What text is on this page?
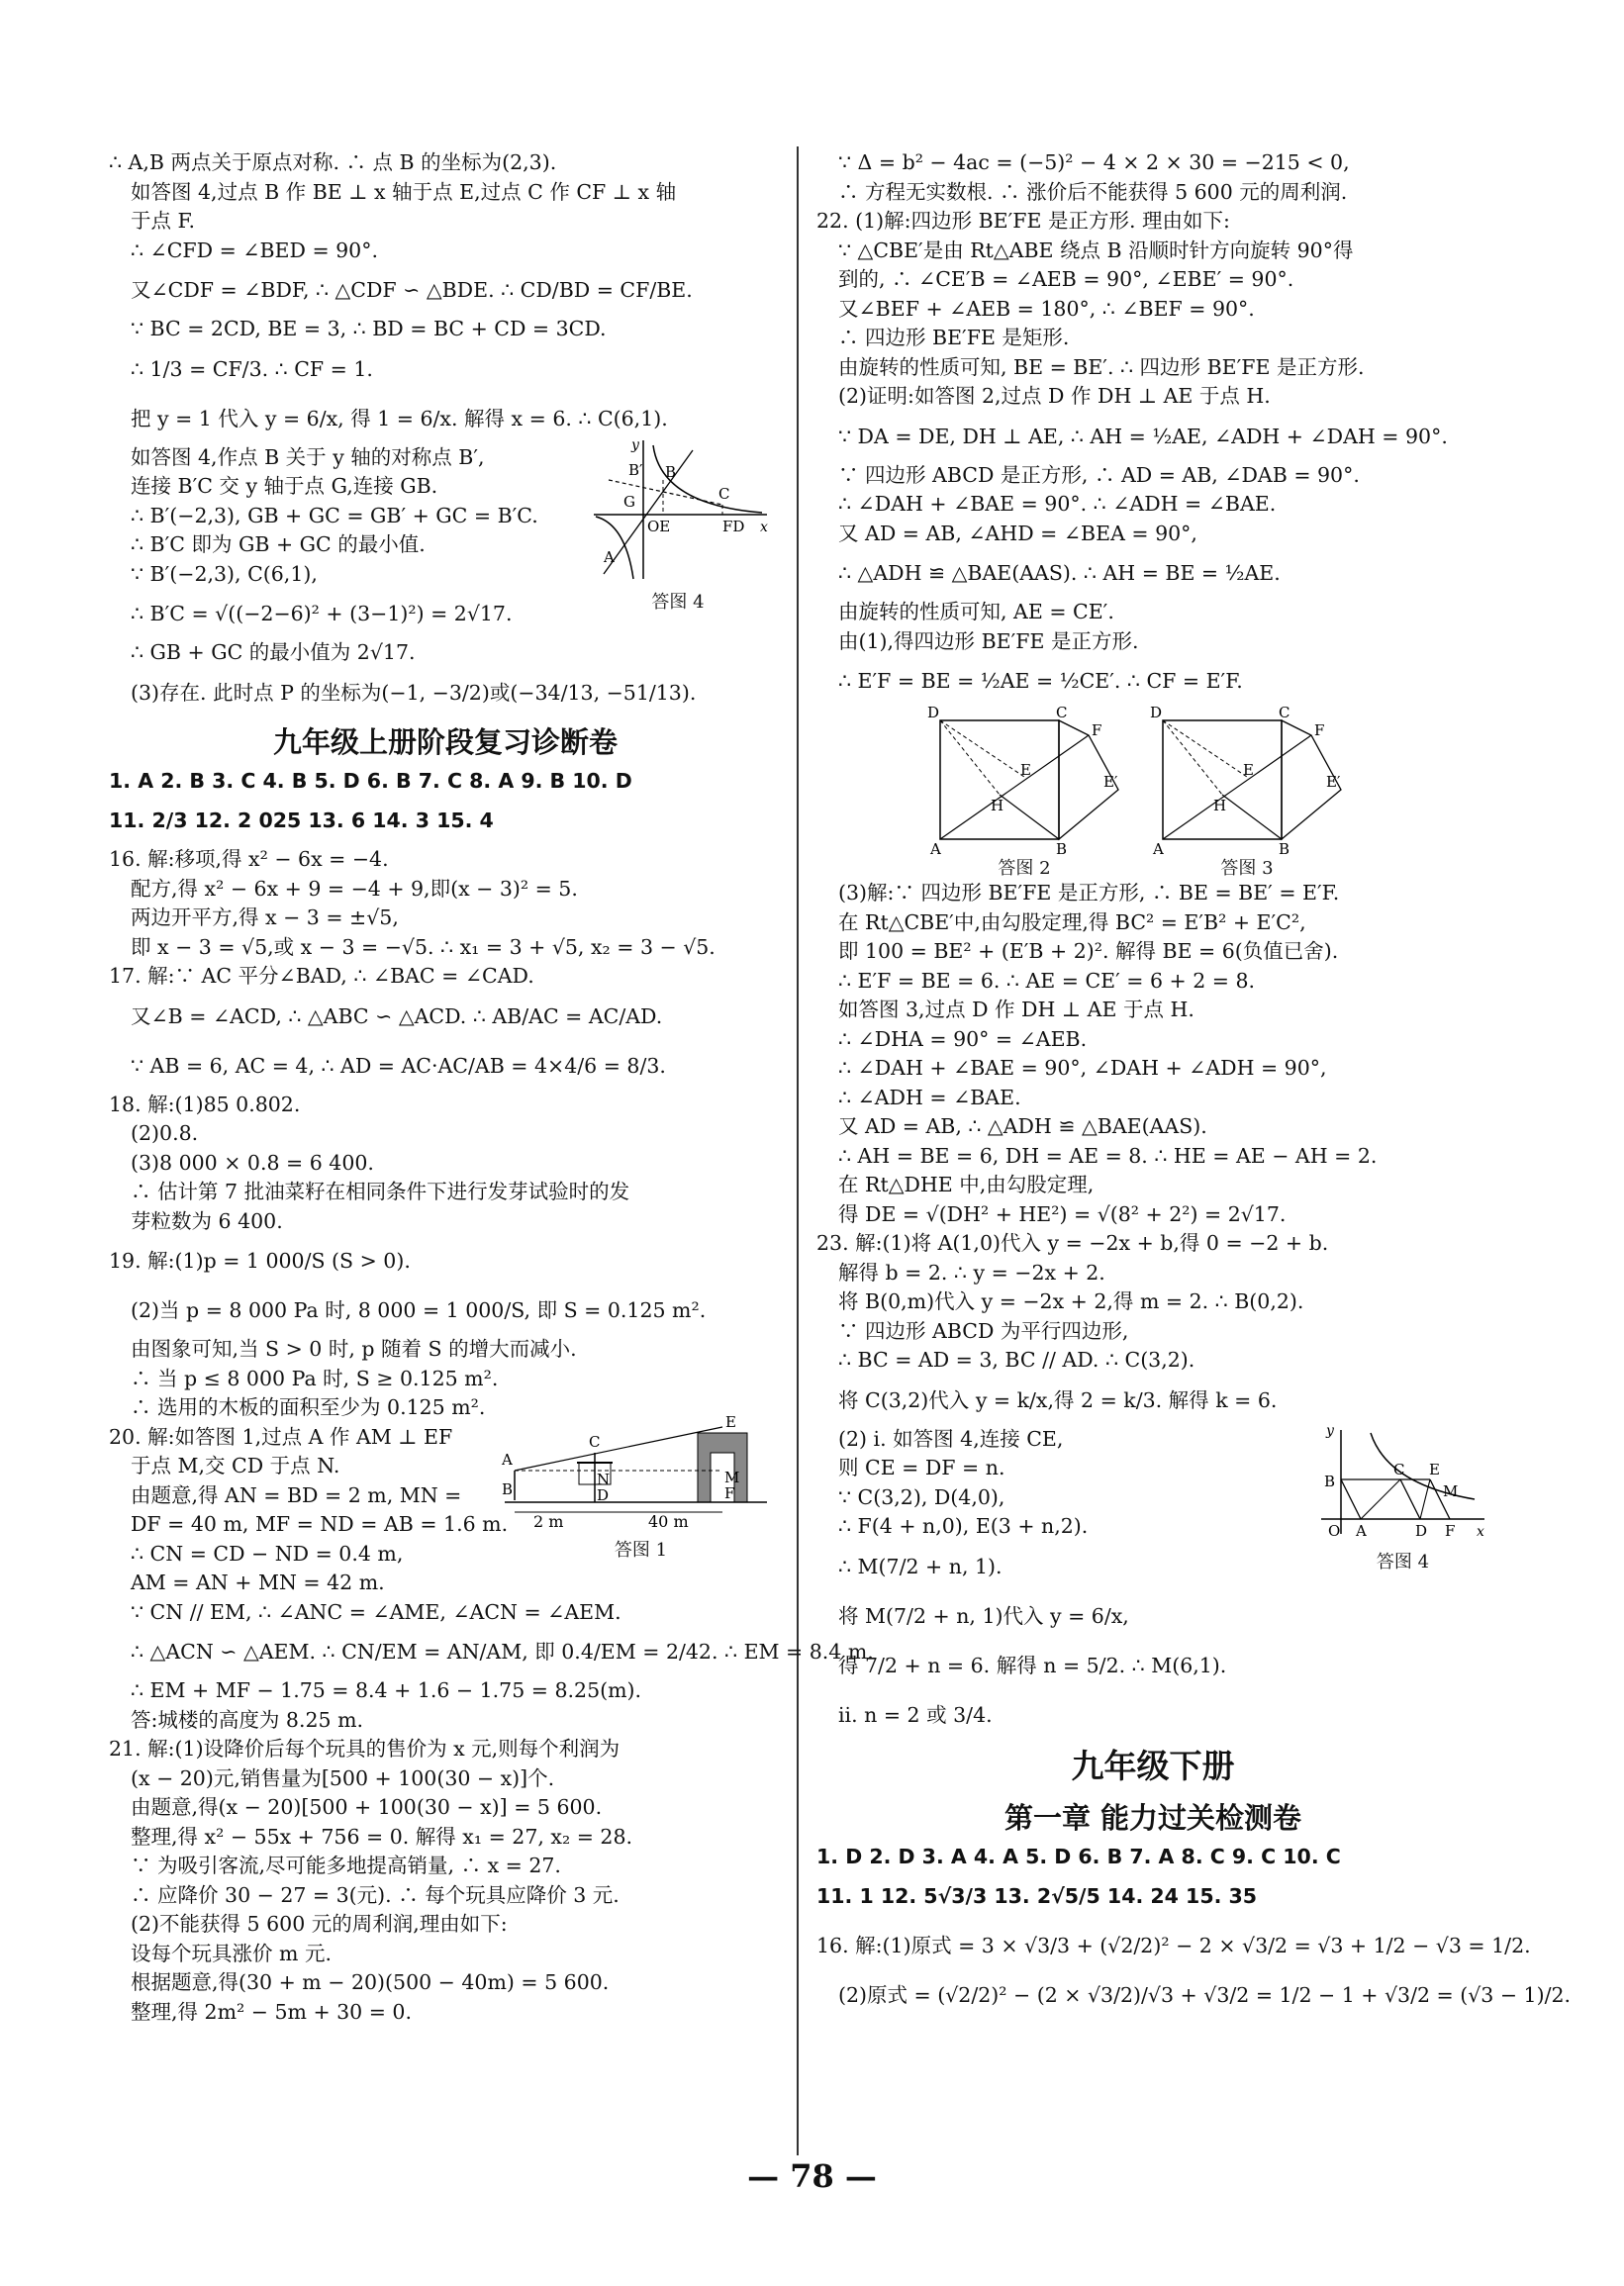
∴ A,B 两点关于原点对称. ∴ 点 B 的坐标为(2,3).
如答图 4,过点 B 作 BE ⊥ x 轴于点 E,过点 C 作 CF ⊥ x 轴
于点 F.
∴ ∠CFD = ∠BED = 90°.
又∠CDF = ∠BDF, ∴ △CDF ∽ △BDE. ∴ CD/BD = CF/BE.
∵ BC = 2CD, BE = 3, ∴ BD = BC + CD = 3CD.
∴ 1/3 = CF/3. ∴ CF = 1.
把 y = 1 代入 y = 6/x, 得 1 = 6/x. 解得 x = 6. ∴ C(6,1).
如答图 4,作点 B 关于 y 轴的对称点 B′,
连接 B′C 交 y 轴于点 G,连接 GB.
∴ B′(−2,3), GB + GC = GB′ + GC = B′C.
∴ B′C 即为 GB + GC 的最小值.
∵ B′(−2,3), C(6,1),
∴ B′C = √((−2−6)² + (3−1)²) = 2√17.
∴ GB + GC 的最小值为 2√17.
B′ B
C
G
OE	FD x
y
A
答图 4
(3)存在. 此时点 P 的坐标为(−1, −3/2)或(−34/13, −51/13).
九年级上册阶段复习诊断卷
1. A 2. B 3. C 4. B 5. D 6. B 7. C 8. A 9. B 10. D
11. 2/3 12. 2 025 13. 6 14. 3 15. 4
16. 解:移项,得 x² − 6x = −4.
配方,得 x² − 6x + 9 = −4 + 9,即(x − 3)² = 5.
两边开平方,得 x − 3 = ±√5,
即 x − 3 = √5,或 x − 3 = −√5. ∴ x₁ = 3 + √5, x₂ = 3 − √5.
17. 解:∵ AC 平分∠BAD, ∴ ∠BAC = ∠CAD.
又∠B = ∠ACD, ∴ △ABC ∽ △ACD. ∴ AB/AC = AC/AD.
∵ AB = 6, AC = 4, ∴ AD = AC·AC/AB = 4×4/6 = 8/3.
18. 解:(1)85 0.802.
(2)0.8.
(3)8 000 × 0.8 = 6 400.
∴ 估计第 7 批油菜籽在相同条件下进行发芽试验时的发
芽粒数为 6 400.
19. 解:(1)p = 1 000/S (S > 0).
(2)当 p = 8 000 Pa 时, 8 000 = 1 000/S, 即 S = 0.125 m².
由图象可知,当 S > 0 时, p 随着 S 的增大而减小.
∴ 当 p ≤ 8 000 Pa 时, S ≥ 0.125 m².
∴ 选用的木板的面积至少为 0.125 m².
20. 解:如答图 1,过点 A 作 AM ⊥ EF
于点 M,交 CD 于点 N.
由题意,得 AN = BD = 2 m, MN =
DF = 40 m, MF = ND = AB = 1.6 m.
∴ CN = CD − ND = 0.4 m,
AM = AN + MN = 42 m.
A
B
C
N
D
E
M
F
2 m	40 m
答图 1
∵ CN // EM, ∴ ∠ANC = ∠AME, ∠ACN = ∠AEM.
∴ △ACN ∽ △AEM. ∴ CN/EM = AN/AM, 即 0.4/EM = 2/42. ∴ EM = 8.4 m.
∴ EM + MF − 1.75 = 8.4 + 1.6 − 1.75 = 8.25(m).
答:城楼的高度为 8.25 m.
21. 解:(1)设降价后每个玩具的售价为 x 元,则每个利润为
(x − 20)元,销售量为[500 + 100(30 − x)]个.
由题意,得(x − 20)[500 + 100(30 − x)] = 5 600.
整理,得 x² − 55x + 756 = 0. 解得 x₁ = 27, x₂ = 28.
∵ 为吸引客流,尽可能多地提高销量, ∴ x = 27.
∴ 应降价 30 − 27 = 3(元). ∴ 每个玩具应降价 3 元.
(2)不能获得 5 600 元的周利润,理由如下:
设每个玩具涨价 m 元.
根据题意,得(30 + m − 20)(500 − 40m) = 5 600.
整理,得 2m² − 5m + 30 = 0.
∵ Δ = b² − 4ac = (−5)² − 4 × 2 × 30 = −215 < 0,
∴ 方程无实数根. ∴ 涨价后不能获得 5 600 元的周利润.
22. (1)解:四边形 BE′FE 是正方形. 理由如下:
∵ △CBE′是由 Rt△ABE 绕点 B 沿顺时针方向旋转 90°得
到的, ∴ ∠CE′B = ∠AEB = 90°, ∠EBE′ = 90°.
又∠BEF + ∠AEB = 180°, ∴ ∠BEF = 90°.
∴ 四边形 BE′FE 是矩形.
由旋转的性质可知, BE = BE′. ∴ 四边形 BE′FE 是正方形.
(2)证明:如答图 2,过点 D 作 DH ⊥ AE 于点 H.
∵ DA = DE, DH ⊥ AE, ∴ AH = ½AE, ∠ADH + ∠DAH = 90°.
∵ 四边形 ABCD 是正方形, ∴ AD = AB, ∠DAB = 90°.
∴ ∠DAH + ∠BAE = 90°. ∴ ∠ADH = ∠BAE.
又 AD = AB, ∠AHD = ∠BEA = 90°,
∴ △ADH ≌ △BAE(AAS). ∴ AH = BE = ½AE.
由旋转的性质可知, AE = CE′.
由(1),得四边形 BE′FE 是正方形.
∴ E′F = BE = ½AE = ½CE′. ∴ CF = E′F.
D	C
F
E′
E
H
A	B
答图 2
D	C
F
E′
E
H
A	B
答图 3
(3)解:∵ 四边形 BE′FE 是正方形, ∴ BE = BE′ = E′F.
在 Rt△CBE′中,由勾股定理,得 BC² = E′B² + E′C²,
即 100 = BE² + (E′B + 2)². 解得 BE = 6(负值已舍).
∴ E′F = BE = 6. ∴ AE = CE′ = 6 + 2 = 8.
如答图 3,过点 D 作 DH ⊥ AE 于点 H.
∴ ∠DHA = 90° = ∠AEB.
∴ ∠DAH + ∠BAE = 90°, ∠DAH + ∠ADH = 90°,
∴ ∠ADH = ∠BAE.
又 AD = AB, ∴ △ADH ≌ △BAE(AAS).
∴ AH = BE = 6, DH = AE = 8. ∴ HE = AE − AH = 2.
在 Rt△DHE 中,由勾股定理,
得 DE = √(DH² + HE²) = √(8² + 2²) = 2√17.
23. 解:(1)将 A(1,0)代入 y = −2x + b,得 0 = −2 + b.
解得 b = 2. ∴ y = −2x + 2.
将 B(0,m)代入 y = −2x + 2,得 m = 2. ∴ B(0,2).
∵ 四边形 ABCD 为平行四边形,
∴ BC = AD = 3, BC // AD. ∴ C(3,2).
将 C(3,2)代入 y = k/x,得 2 = k/3. 解得 k = 6.
(2) i. 如答图 4,连接 CE,
则 CE = DF = n.
∵ C(3,2), D(4,0),
∴ F(4 + n,0), E(3 + n,2).
∴ M(7/2 + n, 1).
y
B
C E
M
O A	D F x
答图 4
将 M(7/2 + n, 1)代入 y = 6/x,
得 7/2 + n = 6. 解得 n = 5/2. ∴ M(6,1).
ii. n = 2 或 3/4.
九年级下册
第一章 能力过关检测卷
1. D 2. D 3. A 4. A 5. D 6. B 7. A 8. C 9. C 10. C
11. 1 12. 5√3/3 13. 2√5/5 14. 24 15. 35
16. 解:(1)原式 = 3 × √3/3 + (√2/2)² − 2 × √3/2 = √3 + 1/2 − √3 = 1/2.
(2)原式 = (√2/2)² − (2 × √3/2)/√3 + √3/2 = 1/2 − 1 + √3/2 = (√3 − 1)/2.
— 78 —
